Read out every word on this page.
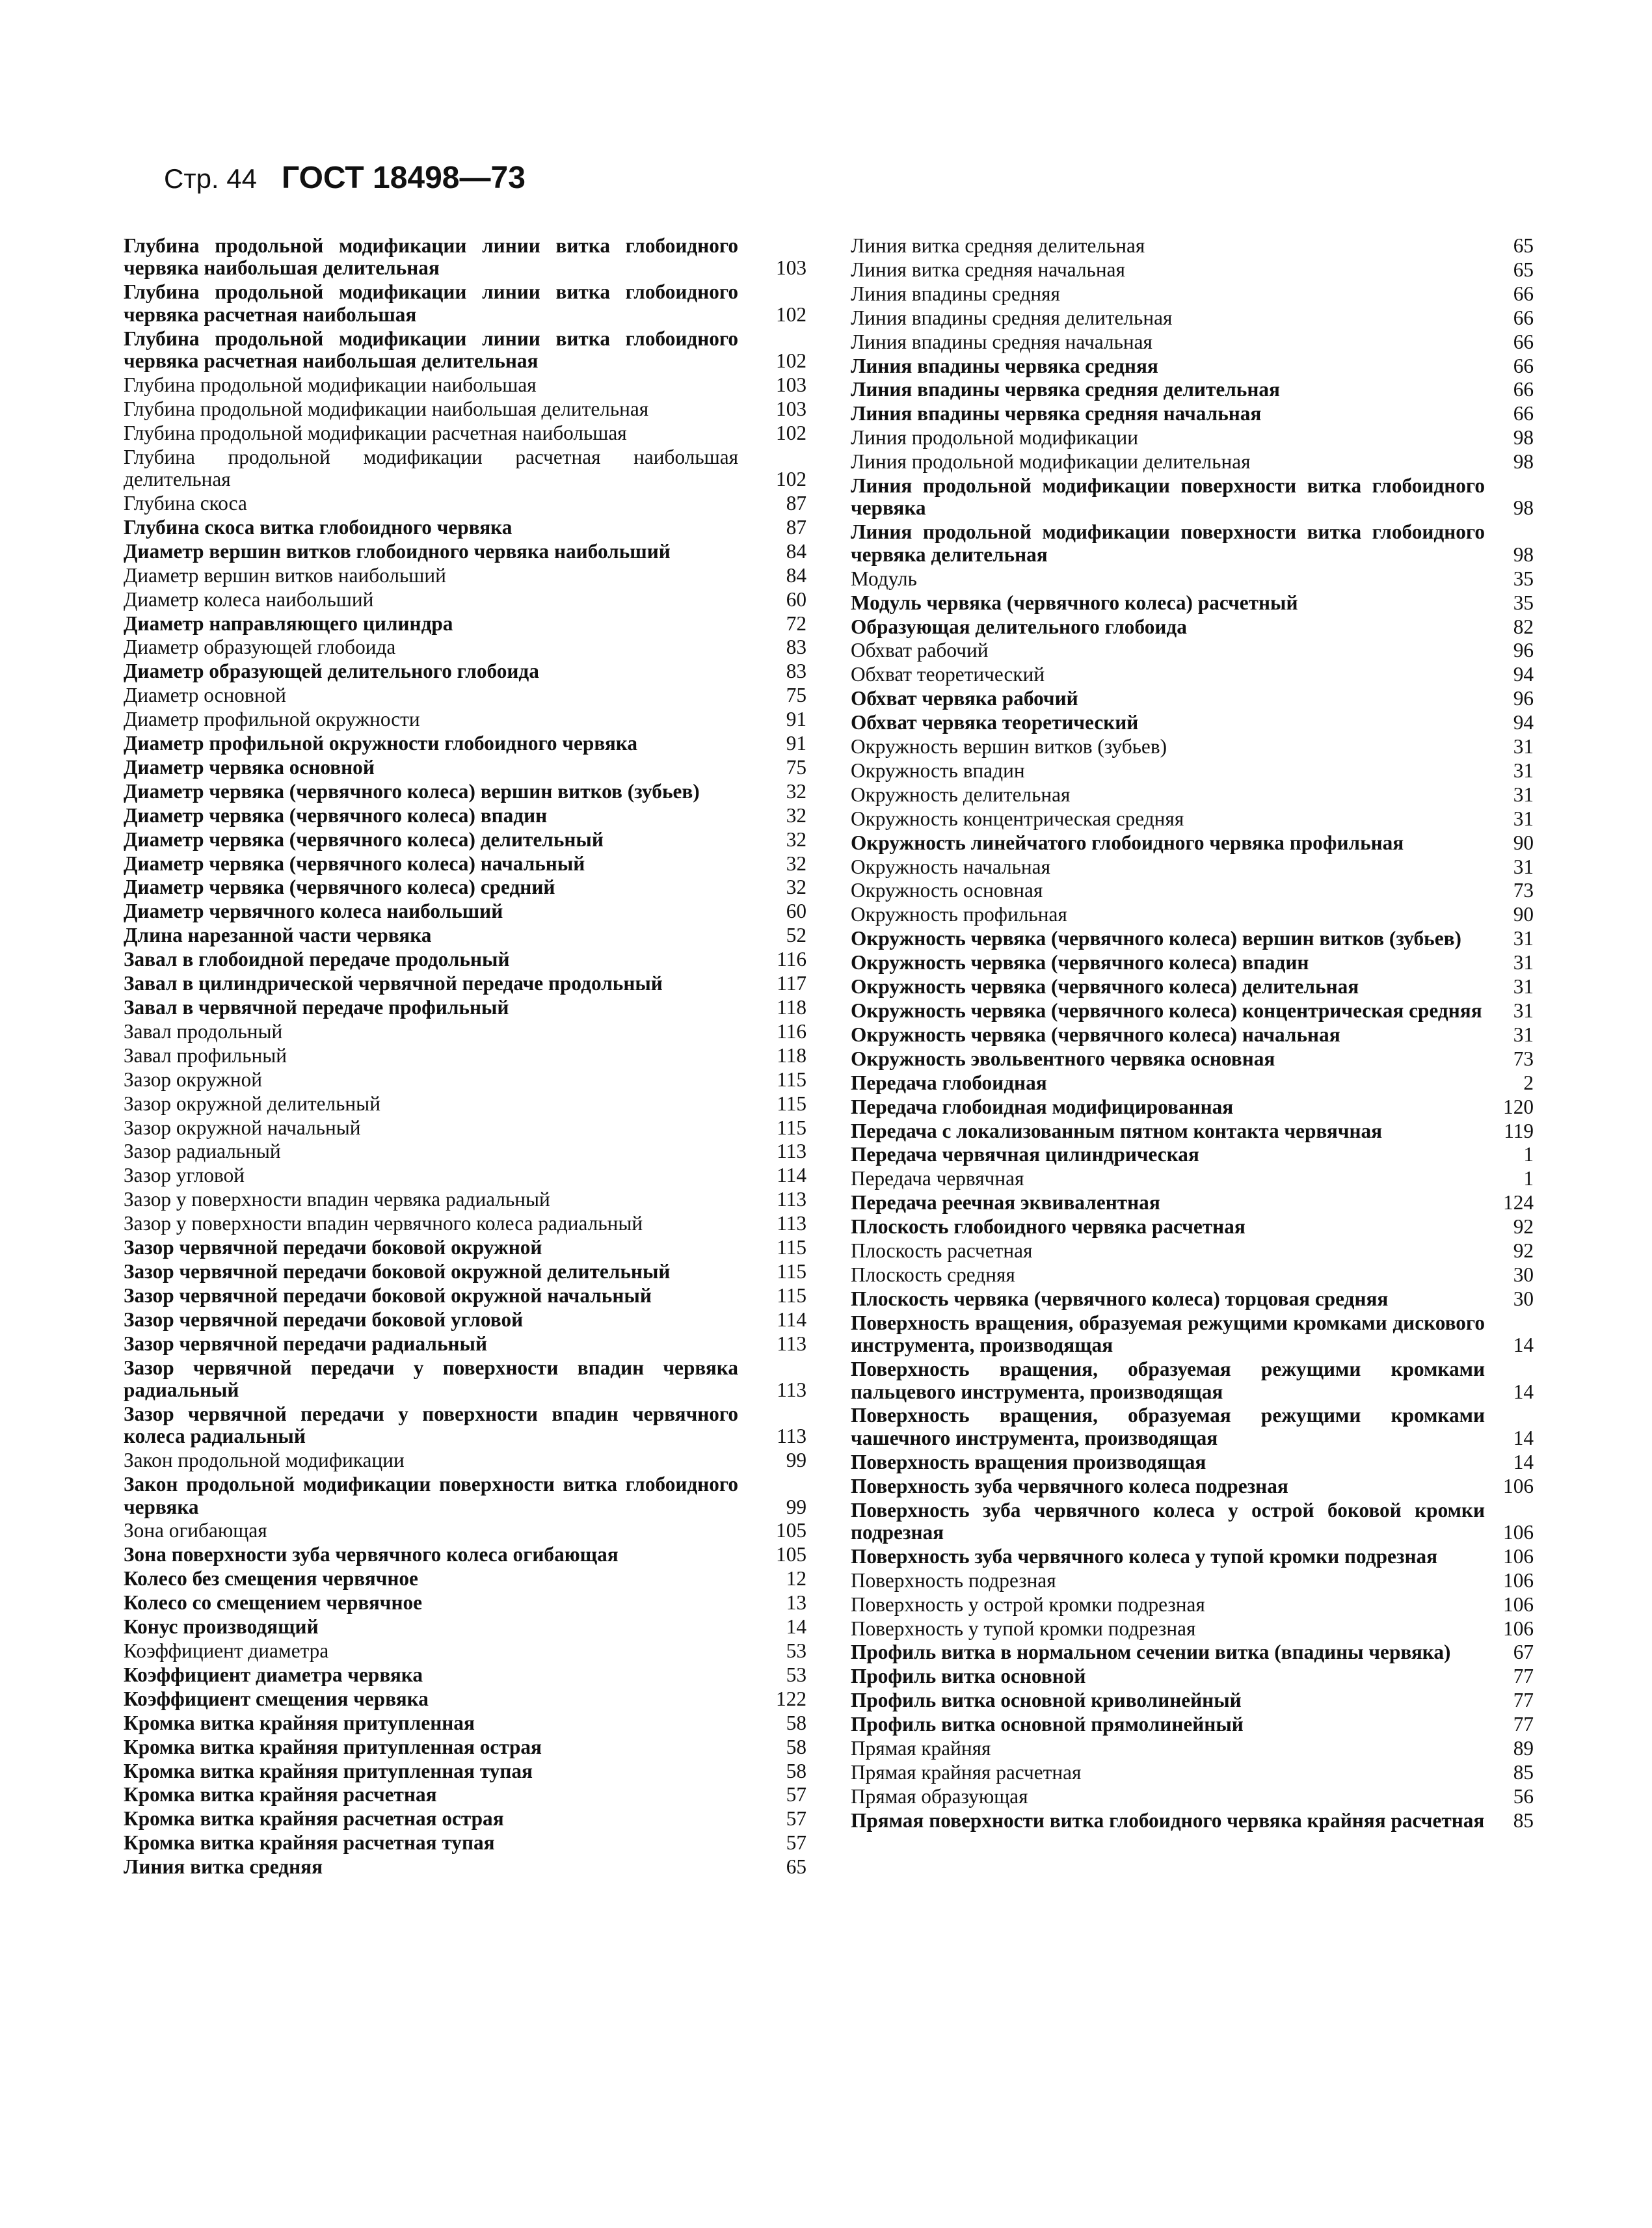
Стр. 44 ГОСТ 18498—73
Глубина продольной модификации линии витка глобоидного червяка наибольшая делительная	103
Глубина продольной модификации линии витка глобоидного червяка расчетная наибольшая	102
Глубина продольной модификации линии витка глобоидного червяка расчетная наибольшая делительная	102
Глубина продольной модификации наибольшая	103
Глубина продольной модификации наибольшая делительная	103
Глубина продольной модификации расчетная наибольшая	102
Глубина продольной модификации расчетная наибольшая делительная	102
Глубина скоса	87
Глубина скоса витка глобоидного червяка	87
Диаметр вершин витков глобоидного червяка наибольший	84
Диаметр вершин витков наибольший	84
Диаметр колеса наибольший	60
Диаметр направляющего цилиндра	72
Диаметр образующей глобоида	83
Диаметр образующей делительного глобоида	83
Диаметр основной	75
Диаметр профильной окружности	91
Диаметр профильной окружности глобоидного червяка	91
Диаметр червяка основной	75
Диаметр червяка (червячного колеса) вершин витков (зубьев)	32
Диаметр червяка (червячного колеса) впадин	32
Диаметр червяка (червячного колеса) делительный	32
Диаметр червяка (червячного колеса) начальный	32
Диаметр червяка (червячного колеса) средний	32
Диаметр червячного колеса наибольший	60
Длина нарезанной части червяка	52
Завал в глобоидной передаче продольный	116
Завал в цилиндрической червячной передаче продольный	117
Завал в червячной передаче профильный	118
Завал продольный	116
Завал профильный	118
Зазор окружной	115
Зазор окружной делительный	115
Зазор окружной начальный	115
Зазор радиальный	113
Зазор угловой	114
Зазор у поверхности впадин червяка радиальный	113
Зазор у поверхности впадин червячного колеса радиальный	113
Зазор червячной передачи боковой окружной	115
Зазор червячной передачи боковой окружной делительный	115
Зазор червячной передачи боковой окружной начальный	115
Зазор червячной передачи боковой угловой	114
Зазор червячной передачи радиальный	113
Зазор червячной передачи у поверхности впадин червяка радиальный	113
Зазор червячной передачи у поверхности впадин червячного колеса радиальный	113
Закон продольной модификации	99
Закон продольной модификации поверхности витка глобоидного червяка	99
Зона огибающая	105
Зона поверхности зуба червячного колеса огибающая	105
Колесо без смещения червячное	12
Колесо со смещением червячное	13
Конус производящий	14
Коэффициент диаметра	53
Коэффициент диаметра червяка	53
Коэффициент смещения червяка	122
Кромка витка крайняя притупленная	58
Кромка витка крайняя притупленная острая	58
Кромка витка крайняя притупленная тупая	58
Кромка витка крайняя расчетная	57
Кромка витка крайняя расчетная острая	57
Кромка витка крайняя расчетная тупая	57
Линия витка средняя	65
Линия витка средняя делительная	65
Линия витка средняя начальная	65
Линия впадины средняя	66
Линия впадины средняя делительная	66
Линия впадины средняя начальная	66
Линия впадины червяка средняя	66
Линия впадины червяка средняя делительная	66
Линия впадины червяка средняя начальная	66
Линия продольной модификации	98
Линия продольной модификации делительная	98
Линия продольной модификации поверхности витка глобоидного червяка	98
Линия продольной модификации поверхности витка глобоидного червяка делительная	98
Модуль	35
Модуль червяка (червячного колеса) расчетный	35
Образующая делительного глобоида	82
Обхват рабочий	96
Обхват теоретический	94
Обхват червяка рабочий	96
Обхват червяка теоретический	94
Окружность вершин витков (зубьев)	31
Окружность впадин	31
Окружность делительная	31
Окружность концентрическая средняя	31
Окружность линейчатого глобоидного червяка профильная	90
Окружность начальная	31
Окружность основная	73
Окружность профильная	90
Окружность червяка (червячного колеса) вершин витков (зубьев)	31
Окружность червяка (червячного колеса) впадин	31
Окружность червяка (червячного колеса) делительная	31
Окружность червяка (червячного колеса) концентрическая средняя	31
Окружность червяка (червячного колеса) начальная	31
Окружность эвольвентного червяка основная	73
Передача глобоидная	2
Передача глобоидная модифицированная	120
Передача с локализованным пятном контакта червячная	119
Передача червячная цилиндрическая	1
Передача червячная	1
Передача реечная эквивалентная	124
Плоскость глобоидного червяка расчетная	92
Плоскость расчетная	92
Плоскость средняя	30
Плоскость червяка (червячного колеса) торцовая средняя	30
Поверхность вращения, образуемая режущими кромками дискового инструмента, производящая	14
Поверхность вращения, образуемая режущими кромками пальцевого инструмента, производящая	14
Поверхность вращения, образуемая режущими кромками чашечного инструмента, производящая	14
Поверхность вращения производящая	14
Поверхность зуба червячного колеса подрезная	106
Поверхность зуба червячного колеса у острой боковой кромки подрезная	106
Поверхность зуба червячного колеса у тупой кромки подрезная	106
Поверхность подрезная	106
Поверхность у острой кромки подрезная	106
Поверхность у тупой кромки подрезная	106
Профиль витка в нормальном сечении витка (впадины червяка)	67
Профиль витка основной	77
Профиль витка основной криволинейный	77
Профиль витка основной прямолинейный	77
Прямая крайняя	89
Прямая крайняя расчетная	85
Прямая образующая	56
Прямая поверхности витка глобоидного червяка крайняя расчетная	85
